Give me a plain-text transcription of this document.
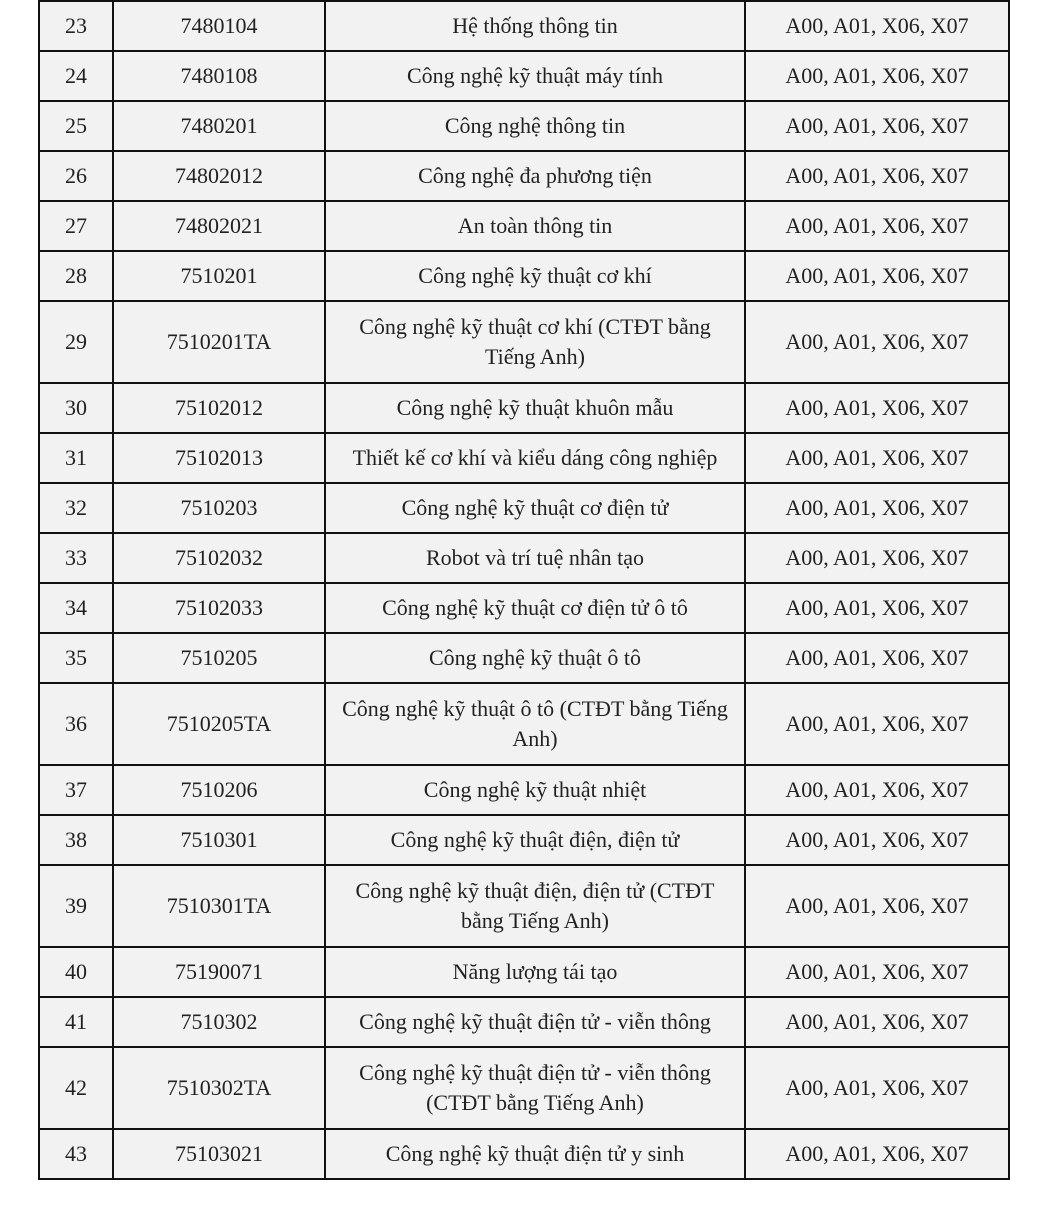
23	7480104	Hệ thống thông tin	A00, A01, X06, X07
24	7480108	Công nghệ kỹ thuật máy tính	A00, A01, X06, X07
25	7480201	Công nghệ thông tin	A00, A01, X06, X07
26	74802012	Công nghệ đa phương tiện	A00, A01, X06, X07
27	74802021	An toàn thông tin	A00, A01, X06, X07
28	7510201	Công nghệ kỹ thuật cơ khí	A00, A01, X06, X07
29	7510201TA	Công nghệ kỹ thuật cơ khí (CTĐT bằng Tiếng Anh)	A00, A01, X06, X07
30	75102012	Công nghệ kỹ thuật khuôn mẫu	A00, A01, X06, X07
31	75102013	Thiết kế cơ khí và kiểu dáng công nghiệp	A00, A01, X06, X07
32	7510203	Công nghệ kỹ thuật cơ điện tử	A00, A01, X06, X07
33	75102032	Robot và trí tuệ nhân tạo	A00, A01, X06, X07
34	75102033	Công nghệ kỹ thuật cơ điện tử ô tô	A00, A01, X06, X07
35	7510205	Công nghệ kỹ thuật ô tô	A00, A01, X06, X07
36	7510205TA	Công nghệ kỹ thuật ô tô (CTĐT bằng Tiếng Anh)	A00, A01, X06, X07
37	7510206	Công nghệ kỹ thuật nhiệt	A00, A01, X06, X07
38	7510301	Công nghệ kỹ thuật điện, điện tử	A00, A01, X06, X07
39	7510301TA	Công nghệ kỹ thuật điện, điện tử (CTĐT bằng Tiếng Anh)	A00, A01, X06, X07
40	75190071	Năng lượng tái tạo	A00, A01, X06, X07
41	7510302	Công nghệ kỹ thuật điện tử - viễn thông	A00, A01, X06, X07
42	7510302TA	Công nghệ kỹ thuật điện tử - viễn thông (CTĐT bằng Tiếng Anh)	A00, A01, X06, X07
43	75103021	Công nghệ kỹ thuật điện tử y sinh	A00, A01, X06, X07
